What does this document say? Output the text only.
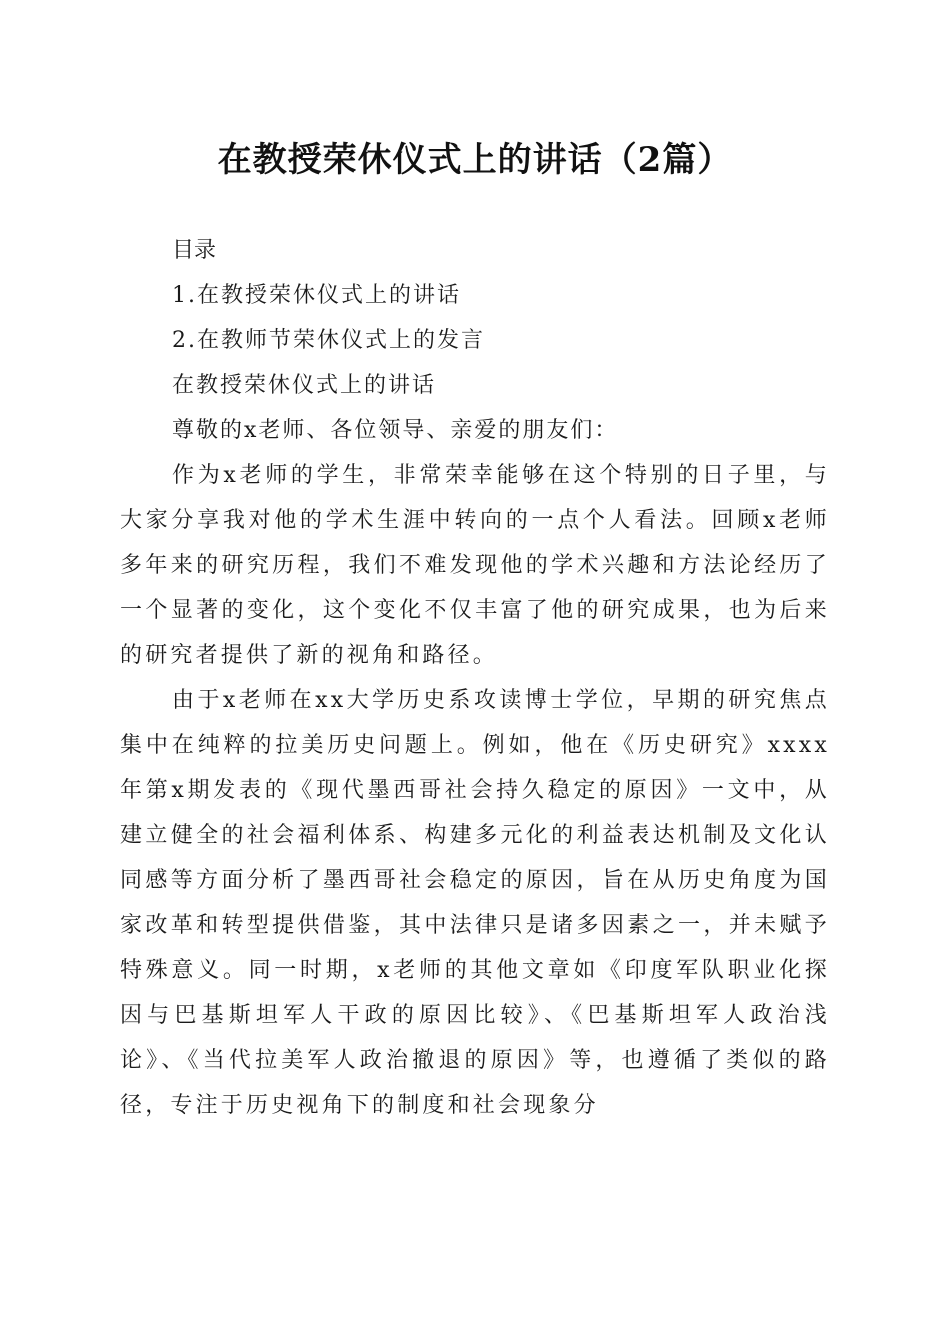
在教授荣休仪式上的讲话（2篇）

目录

1.在教授荣休仪式上的讲话

2.在教师节荣休仪式上的发言

在教授荣休仪式上的讲话

尊敬的x老师、各位领导、亲爱的朋友们：

作为x老师的学生，非常荣幸能够在这个特别的日子里，与大家分享我对他的学术生涯中转向的一点个人看法。回顾x老师多年来的研究历程，我们不难发现他的学术兴趣和方法论经历了一个显著的变化，这个变化不仅丰富了他的研究成果，也为后来的研究者提供了新的视角和路径。

由于x老师在xx大学历史系攻读博士学位，早期的研究焦点集中在纯粹的拉美历史问题上。例如，他在《历史研究》xxxx年第x期发表的《现代墨西哥社会持久稳定的原因》一文中，从建立健全的社会福利体系、构建多元化的利益表达机制及文化认同感等方面分析了墨西哥社会稳定的原因，旨在从历史角度为国家改革和转型提供借鉴，其中法律只是诸多因素之一，并未赋予特殊意义。同一时期，x老师的其他文章如《印度军队职业化探因与巴基斯坦军人干政的原因比较》、《巴基斯坦军人政治浅论》、《当代拉美军人政治撤退的原因》等，也遵循了类似的路径，专注于历史视角下的制度和社会现象分
